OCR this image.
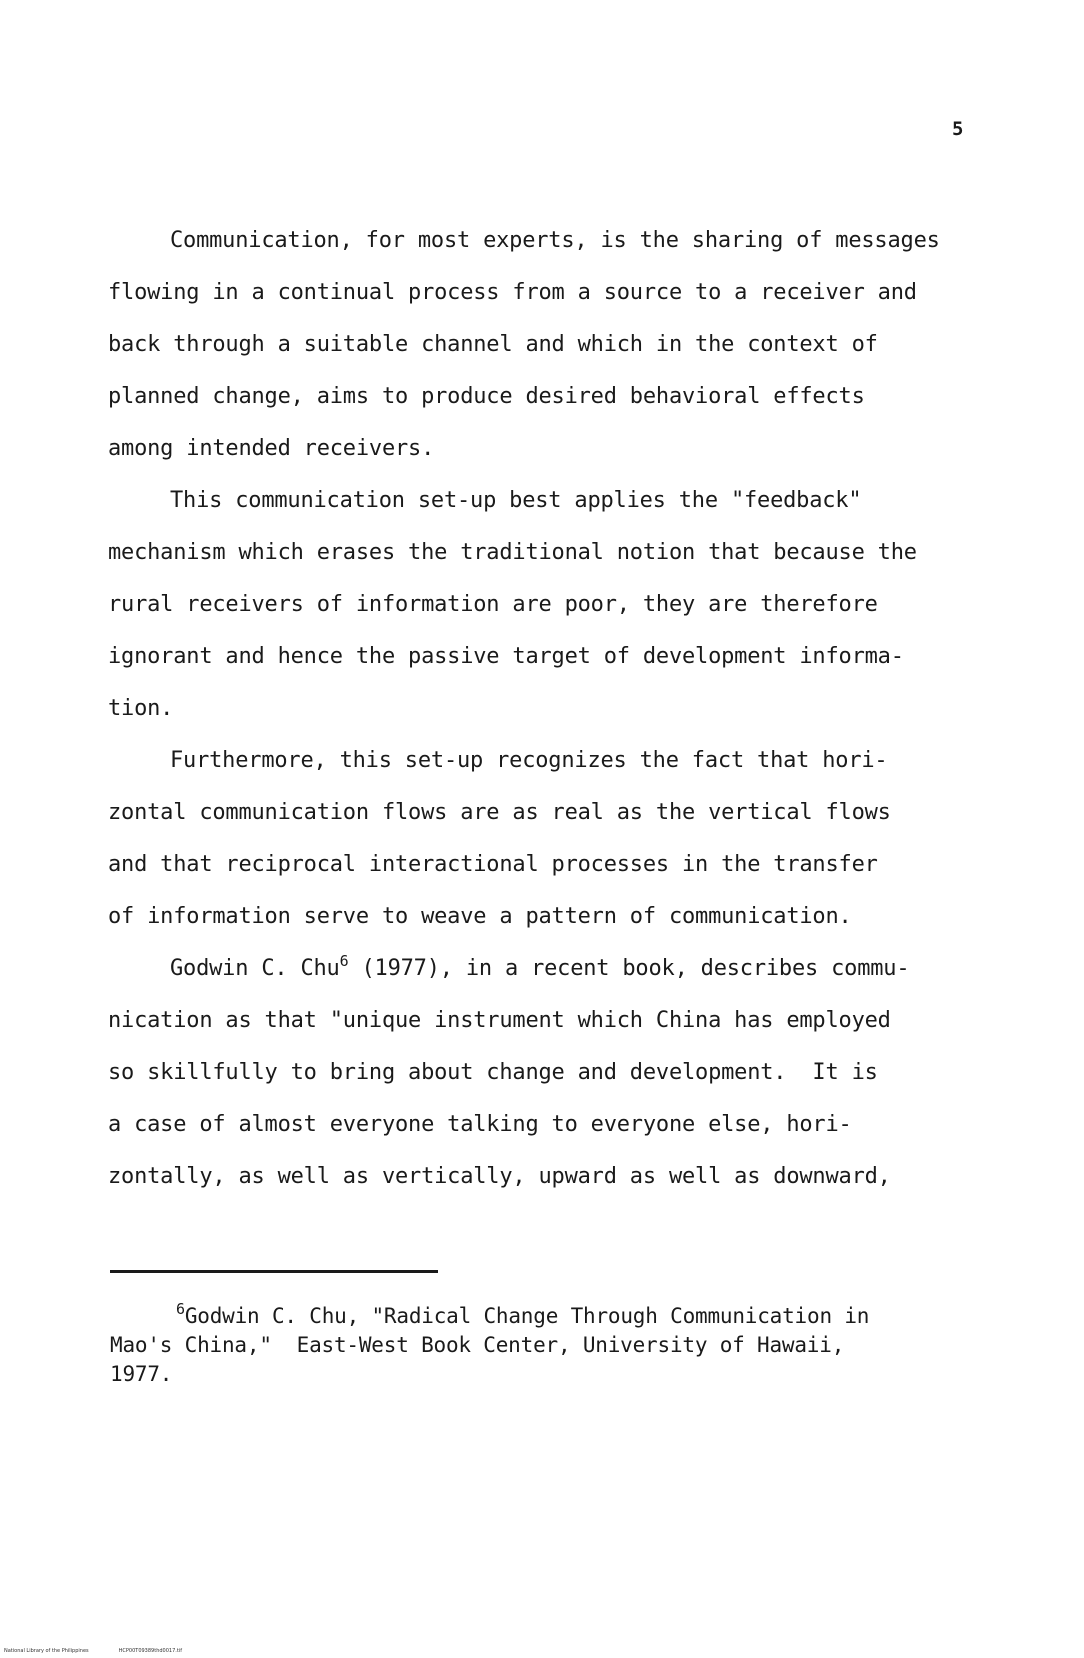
5
Communication, for most experts, is the sharing of messages
flowing in a continual process from a source to a receiver and
back through a suitable channel and which in the context of
planned change, aims to produce desired behavioral effects
among intended receivers.
This communication set-up best applies the "feedback"
mechanism which erases the traditional notion that because the
rural receivers of information are poor, they are therefore
ignorant and hence the passive target of development informa-
tion.
Furthermore, this set-up recognizes the fact that hori-
zontal communication flows are as real as the vertical flows
and that reciprocal interactional processes in the transfer
of information serve to weave a pattern of communication.
Godwin C. Chu$^6$ (1977), in a recent book, describes commu-
nication as that "unique instrument which China has employed
so skillfully to bring about change and development.  It is
a case of almost everyone talking to everyone else, hori-
zontally, as well as vertically, upward as well as downward,
$^6$Godwin C. Chu, "Radical Change Through Communication in
Mao's China,"  East-West Book Center, University of Hawaii,
1977.
National Library of the Philippines	HCP00T09389thd0017.tif
